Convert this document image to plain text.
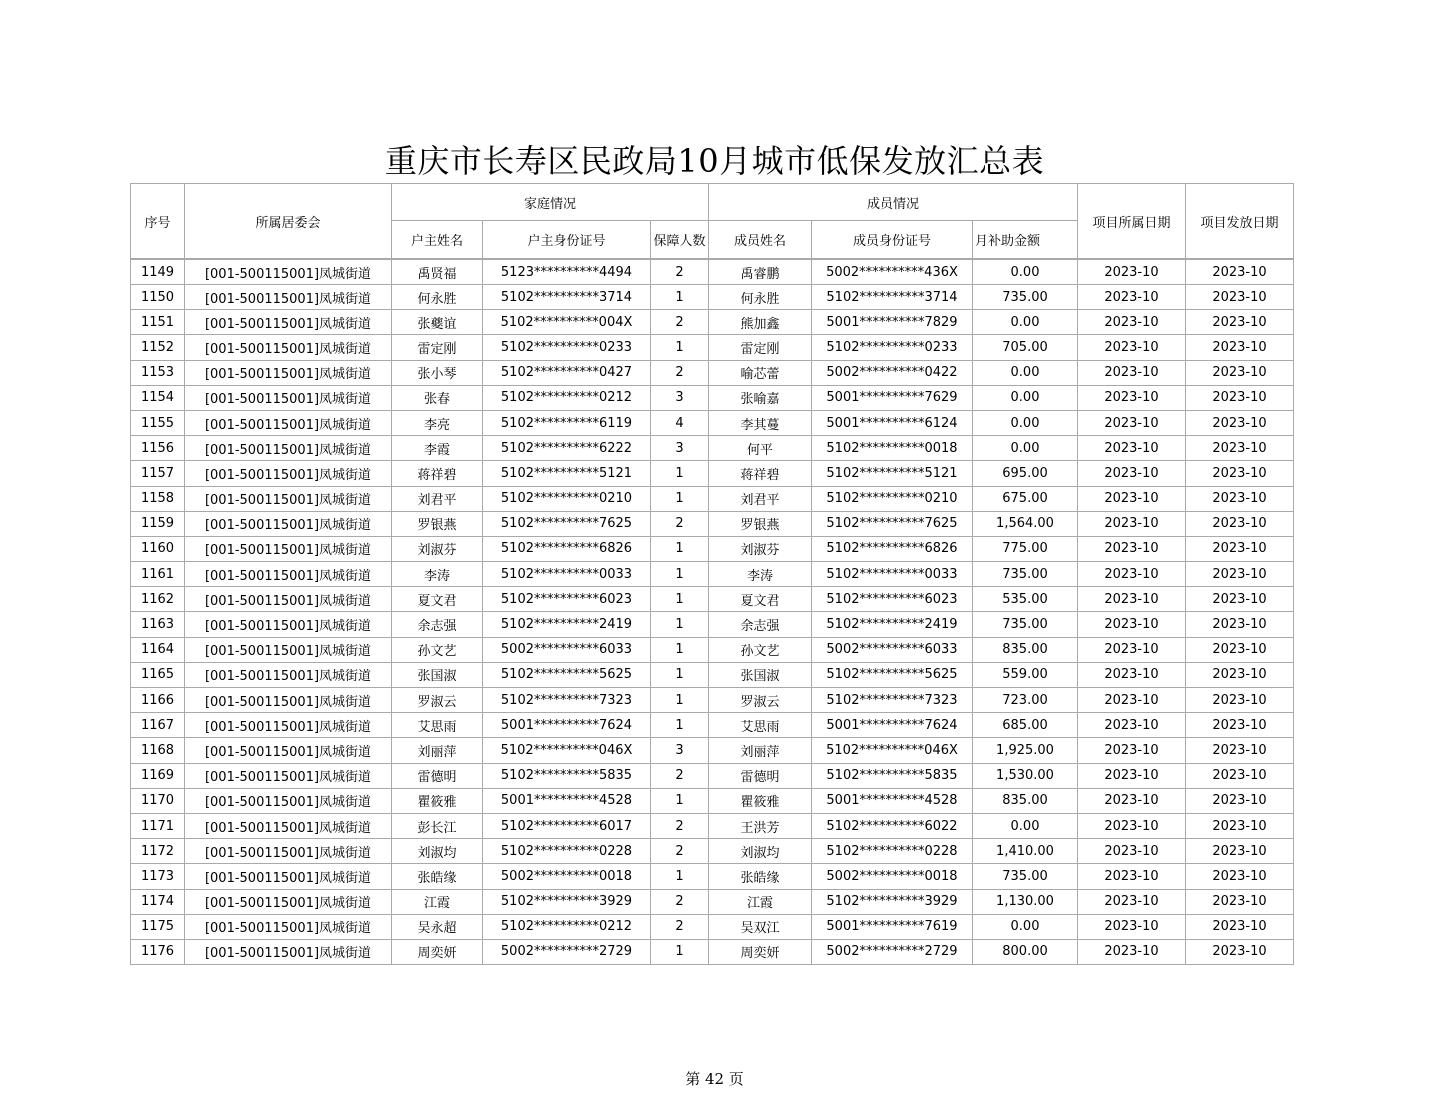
重庆市长寿区民政局10月城市低保发放汇总表
序号	所属居委会	家庭情况			成员情况			项目所属日期	项目发放日期
		户主姓名	户主身份证号	保障人数	成员姓名	成员身份证号	月补助金额		
1149	[001-500115001]凤城街道	禹贤福	5123**********4494	2	禹睿鹏	5002**********436X	0.00	2023-10	2023-10
1150	[001-500115001]凤城街道	何永胜	5102**********3714	1	何永胜	5102**********3714	735.00	2023-10	2023-10
1151	[001-500115001]凤城街道	张夔谊	5102**********004X	2	熊加鑫	5001**********7829	0.00	2023-10	2023-10
1152	[001-500115001]凤城街道	雷定刚	5102**********0233	1	雷定刚	5102**********0233	705.00	2023-10	2023-10
1153	[001-500115001]凤城街道	张小琴	5102**********0427	2	喻芯蕾	5002**********0422	0.00	2023-10	2023-10
1154	[001-500115001]凤城街道	张春	5102**********0212	3	张喻嘉	5001**********7629	0.00	2023-10	2023-10
1155	[001-500115001]凤城街道	李亮	5102**********6119	4	李其蔓	5001**********6124	0.00	2023-10	2023-10
1156	[001-500115001]凤城街道	李霞	5102**********6222	3	何平	5102**********0018	0.00	2023-10	2023-10
1157	[001-500115001]凤城街道	蒋祥碧	5102**********5121	1	蒋祥碧	5102**********5121	695.00	2023-10	2023-10
1158	[001-500115001]凤城街道	刘君平	5102**********0210	1	刘君平	5102**********0210	675.00	2023-10	2023-10
1159	[001-500115001]凤城街道	罗银燕	5102**********7625	2	罗银燕	5102**********7625	1,564.00	2023-10	2023-10
1160	[001-500115001]凤城街道	刘淑芬	5102**********6826	1	刘淑芬	5102**********6826	775.00	2023-10	2023-10
1161	[001-500115001]凤城街道	李涛	5102**********0033	1	李涛	5102**********0033	735.00	2023-10	2023-10
1162	[001-500115001]凤城街道	夏文君	5102**********6023	1	夏文君	5102**********6023	535.00	2023-10	2023-10
1163	[001-500115001]凤城街道	余志强	5102**********2419	1	余志强	5102**********2419	735.00	2023-10	2023-10
1164	[001-500115001]凤城街道	孙文艺	5002**********6033	1	孙文艺	5002**********6033	835.00	2023-10	2023-10
1165	[001-500115001]凤城街道	张国淑	5102**********5625	1	张国淑	5102**********5625	559.00	2023-10	2023-10
1166	[001-500115001]凤城街道	罗淑云	5102**********7323	1	罗淑云	5102**********7323	723.00	2023-10	2023-10
1167	[001-500115001]凤城街道	艾思雨	5001**********7624	1	艾思雨	5001**********7624	685.00	2023-10	2023-10
1168	[001-500115001]凤城街道	刘丽萍	5102**********046X	3	刘丽萍	5102**********046X	1,925.00	2023-10	2023-10
1169	[001-500115001]凤城街道	雷德明	5102**********5835	2	雷德明	5102**********5835	1,530.00	2023-10	2023-10
1170	[001-500115001]凤城街道	瞿筱雅	5001**********4528	1	瞿筱雅	5001**********4528	835.00	2023-10	2023-10
1171	[001-500115001]凤城街道	彭长江	5102**********6017	2	王洪芳	5102**********6022	0.00	2023-10	2023-10
1172	[001-500115001]凤城街道	刘淑均	5102**********0228	2	刘淑均	5102**********0228	1,410.00	2023-10	2023-10
1173	[001-500115001]凤城街道	张皓缘	5002**********0018	1	张皓缘	5002**********0018	735.00	2023-10	2023-10
1174	[001-500115001]凤城街道	江霞	5102**********3929	2	江霞	5102**********3929	1,130.00	2023-10	2023-10
1175	[001-500115001]凤城街道	吴永超	5102**********0212	2	吴双江	5001**********7619	0.00	2023-10	2023-10
1176	[001-500115001]凤城街道	周奕妍	5002**********2729	1	周奕妍	5002**********2729	800.00	2023-10	2023-10
第 42 页
